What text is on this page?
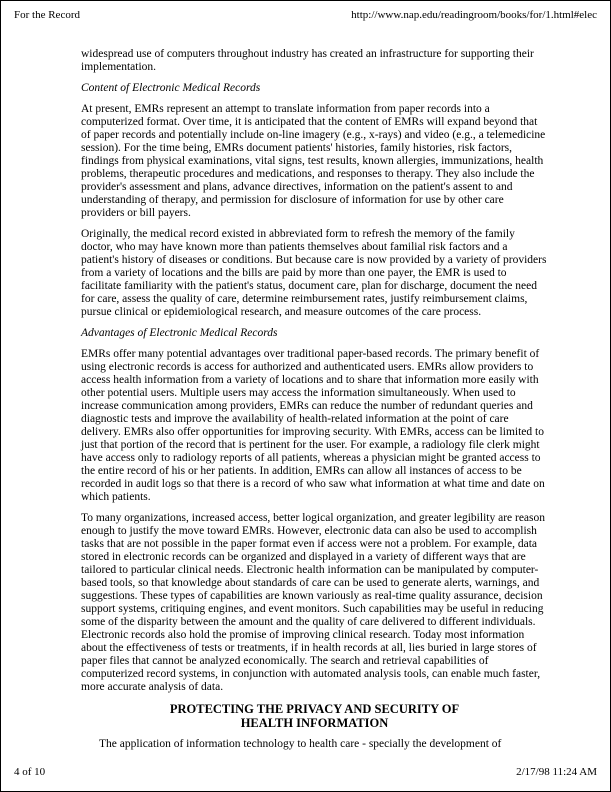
For the Record	http://www.nap.edu/readingroom/books/for/1.html#elec

widespread use of computers throughout industry has created an infrastructure for supporting their implementation.

Content of Electronic Medical Records

At present, EMRs represent an attempt to translate information from paper records into a computerized format. Over time, it is anticipated that the content of EMRs will expand beyond that of paper records and potentially include on-line imagery (e.g., x-rays) and video (e.g., a telemedicine session). For the time being, EMRs document patients' histories, family histories, risk factors, findings from physical examinations, vital signs, test results, known allergies, immunizations, health problems, therapeutic procedures and medications, and responses to therapy. They also include the provider's assessment and plans, advance directives, information on the patient's assent to and understanding of therapy, and permission for disclosure of information for use by other care providers or bill payers.

Originally, the medical record existed in abbreviated form to refresh the memory of the family doctor, who may have known more than patients themselves about familial risk factors and a patient's history of diseases or conditions. But because care is now provided by a variety of providers from a variety of locations and the bills are paid by more than one payer, the EMR is used to facilitate familiarity with the patient's status, document care, plan for discharge, document the need for care, assess the quality of care, determine reimbursement rates, justify reimbursement claims, pursue clinical or epidemiological research, and measure outcomes of the care process.

Advantages of Electronic Medical Records

EMRs offer many potential advantages over traditional paper-based records. The primary benefit of using electronic records is access for authorized and authenticated users. EMRs allow providers to access health information from a variety of locations and to share that information more easily with other potential users. Multiple users may access the information simultaneously. When used to increase communication among providers, EMRs can reduce the number of redundant queries and diagnostic tests and improve the availability of health-related information at the point of care delivery. EMRs also offer opportunities for improving security. With EMRs, access can be limited to just that portion of the record that is pertinent for the user. For example, a radiology file clerk might have access only to radiology reports of all patients, whereas a physician might be granted access to the entire record of his or her patients. In addition, EMRs can allow all instances of access to be recorded in audit logs so that there is a record of who saw what information at what time and date on which patients.

To many organizations, increased access, better logical organization, and greater legibility are reason enough to justify the move toward EMRs. However, electronic data can also be used to accomplish tasks that are not possible in the paper format even if access were not a problem. For example, data stored in electronic records can be organized and displayed in a variety of different ways that are tailored to particular clinical needs. Electronic health information can be manipulated by computer-based tools, so that knowledge about standards of care can be used to generate alerts, warnings, and suggestions. These types of capabilities are known variously as real-time quality assurance, decision support systems, critiquing engines, and event monitors. Such capabilities may be useful in reducing some of the disparity between the amount and the quality of care delivered to different individuals. Electronic records also hold the promise of improving clinical research. Today most information about the effectiveness of tests or treatments, if in health records at all, lies buried in large stores of paper files that cannot be analyzed economically. The search and retrieval capabilities of computerized record systems, in conjunction with automated analysis tools, can enable much faster, more accurate analysis of data.

PROTECTING THE PRIVACY AND SECURITY OF
HEALTH INFORMATION

The application of information technology to health care - specially the development of

4 of 10	2/17/98 11:24 AM
